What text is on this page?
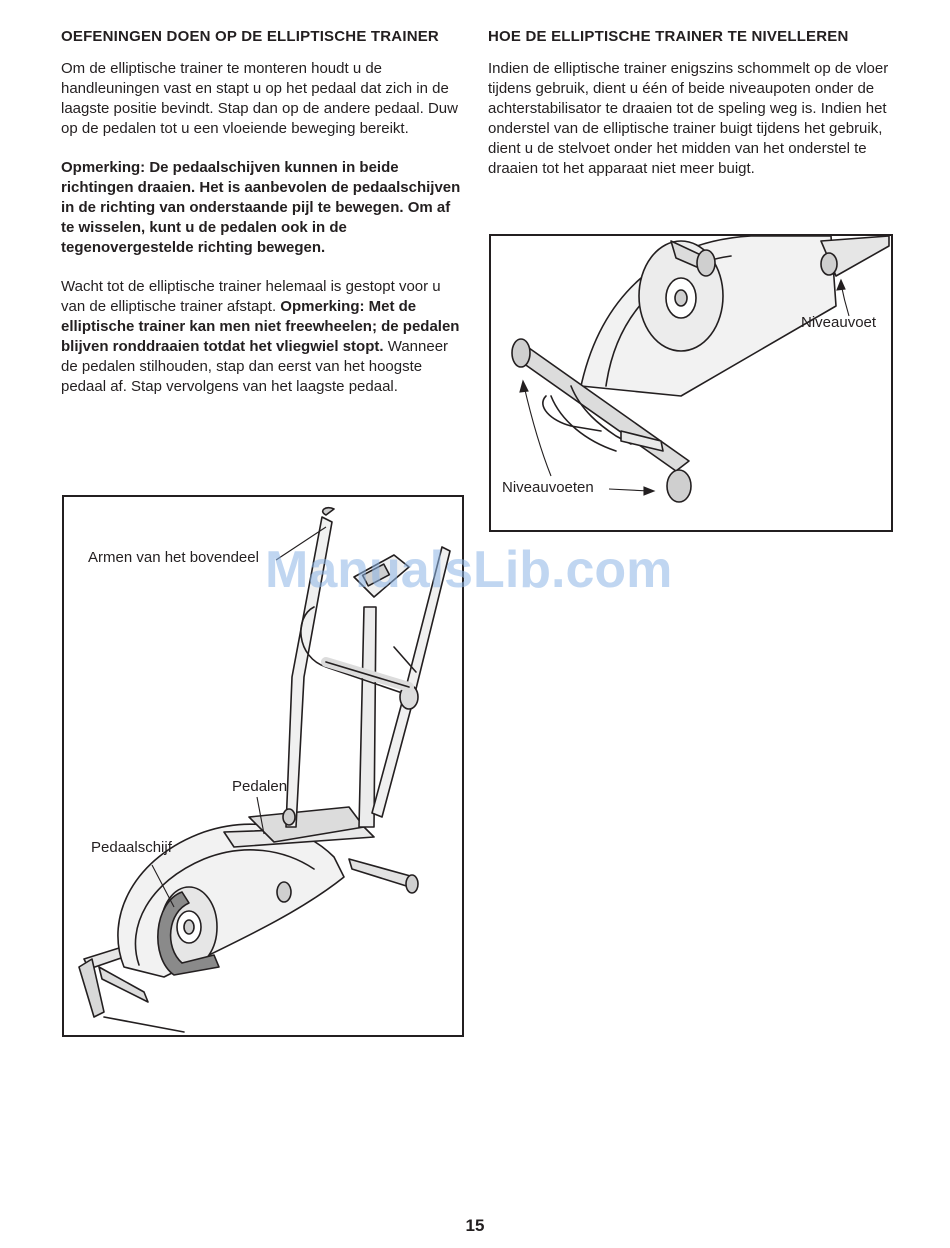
OEFENINGEN DOEN OP DE ELLIPTISCHE TRAINER

Om de elliptische trainer te monteren houdt u de handleuningen vast en stapt u op het pedaal dat zich in de laagste positie bevindt. Stap dan op de andere pedaal. Duw op de pedalen tot u een vloeiende beweging bereikt.

Opmerking: De pedaalschijven kunnen in beide richtingen draaien. Het is aanbevolen de pedaalschijven in de richting van onderstaande pijl te bewegen. Om af te wisselen, kunt u de pedalen ook in de tegenovergestelde richting bewegen.

Wacht tot de elliptische trainer helemaal is gestopt voor u van de elliptische trainer afstapt. Opmerking: Met de elliptische trainer kan men niet freewheelen; de pedalen blijven ronddraaien totdat het vliegwiel stopt. Wanneer de pedalen stilhouden, stap dan eerst van het hoogste pedaal af. Stap vervolgens van het laagste pedaal.

HOE DE ELLIPTISCHE TRAINER TE NIVELLEREN

Indien de elliptische trainer enigszins schommelt op de vloer tijdens gebruik, dient u één of beide niveaupoten onder de achterstabilisator te draaien tot de speling weg is. Indien het onderstel van de elliptische trainer buigt tijdens het gebruik, dient u de stelvoet onder het midden van het onderstel te draaien tot het apparaat niet meer buigt.

Armen van het bovendeel
Pedalen
Pedaalschijf
Niveauvoet
Niveauvoeten
ManualsLib.com
15
